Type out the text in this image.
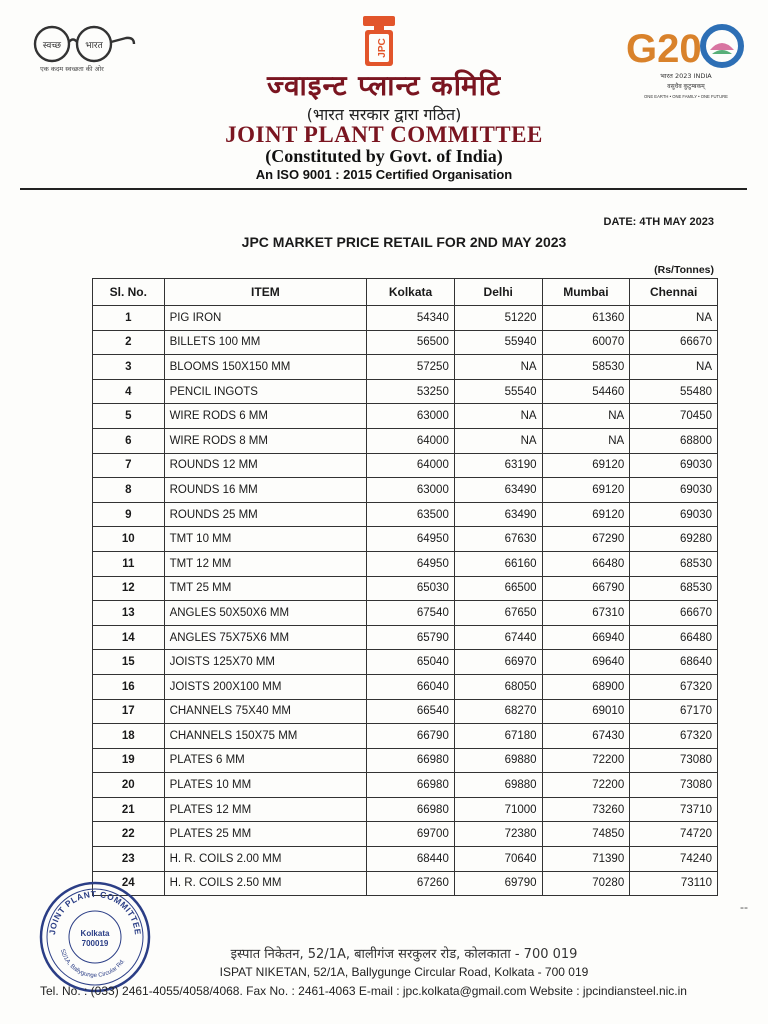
स्वच्छ	भारत
एक कदम स्वच्छता की ओर
JPC	G20
भारत 2023 INDIA
वसुधैव कुटुम्बकम्
ONE EARTH • ONE FAMILY • ONE FUTURE
ज्वाइन्ट प्लान्ट कमिटि
(भारत सरकार द्वारा गठित)
JOINT PLANT COMMITTEE
(Constituted by Govt. of India)
An ISO 9001 : 2015 Certified Organisation
DATE: 4TH MAY 2023
JPC MARKET PRICE RETAIL FOR 2ND MAY 2023
(Rs/Tonnes)
Sl. No.	ITEM	Kolkata	Delhi	Mumbai	Chennai
1	PIG IRON	54340	51220	61360	NA
2	BILLETS 100 MM	56500	55940	60070	66670
3	BLOOMS 150X150 MM	57250	NA	58530	NA
4	PENCIL INGOTS	53250	55540	54460	55480
5	WIRE RODS 6 MM	63000	NA	NA	70450
6	WIRE RODS 8 MM	64000	NA	NA	68800
7	ROUNDS 12 MM	64000	63190	69120	69030
8	ROUNDS 16 MM	63000	63490	69120	69030
9	ROUNDS 25 MM	63500	63490	69120	69030
10	TMT 10 MM	64950	67630	67290	69280
11	TMT 12 MM	64950	66160	66480	68530
12	TMT 25 MM	65030	66500	66790	68530
13	ANGLES 50X50X6 MM	67540	67650	67310	66670
14	ANGLES 75X75X6 MM	65790	67440	66940	66480
15	JOISTS 125X70 MM	65040	66970	69640	68640
16	JOISTS 200X100 MM	66040	68050	68900	67320
17	CHANNELS 75X40 MM	66540	68270	69010	67170
18	CHANNELS 150X75 MM	66790	67180	67430	67320
19	PLATES 6 MM	66980	69880	72200	73080
20	PLATES 10 MM	66980	69880	72200	73080
21	PLATES 12 MM	66980	71000	73260	73710
22	PLATES 25 MM	69700	72380	74850	74720
23	H. R. COILS 2.00 MM	68440	70640	71390	74240
24	H. R. COILS 2.50 MM	67260	69790	70280	73110
JOINT PLANT COMMITTEE
52/1A, Ballygunge Circular Rd.
Kolkata
700019
‑‑
इस्पात निकेतन, 52/1A, बालीगंज सरकुलर रोड, कोलकाता - 700 019
ISPAT NIKETAN, 52/1A, Ballygunge Circular Road, Kolkata - 700 019
Tel. No. : (033) 2461-4055/4058/4068. Fax No. : 2461-4063 E-mail : jpc.kolkata@gmail.com Website : jpcindiansteel.nic.in
